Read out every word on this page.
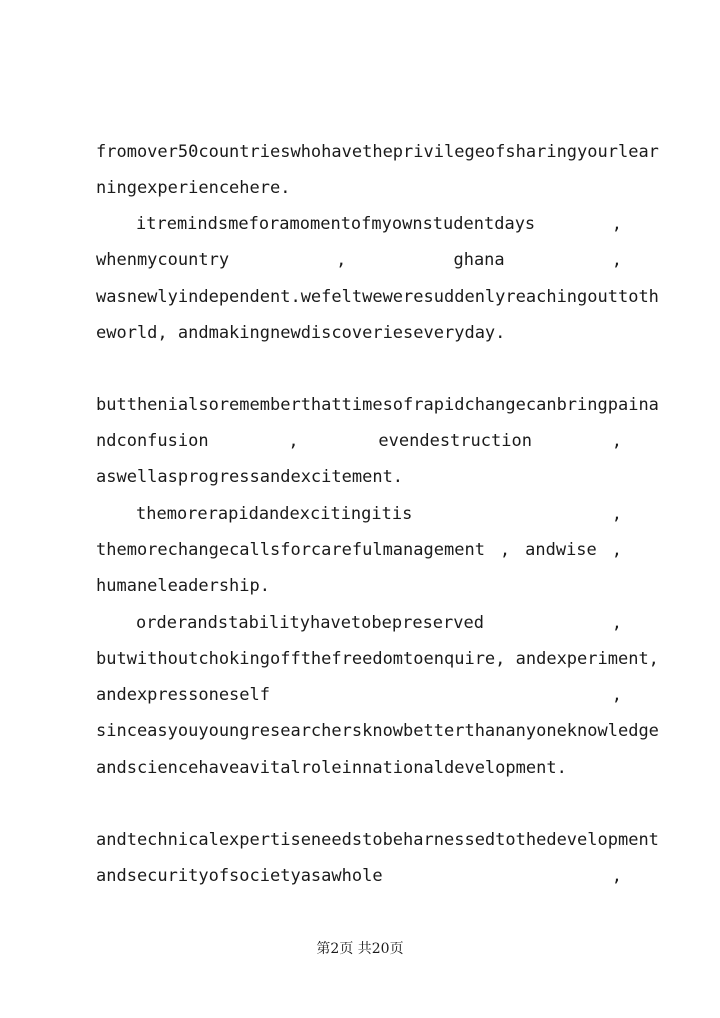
fromover50countrieswhohavetheprivilegeofsharingyourlear
ningexperiencehere.
itremindsmeforamomentofmyownstudentdays	,
whenmycountry	,	ghana	,
wasnewlyindependent.wefeltweweresuddenlyreachingouttoth
eworld, andmakingnewdiscoverieseveryday.
butthenialsorememberthattimesofrapidchangecanbringpaina
ndconfusion	,	evendestruction	,
aswellasprogressandexcitement.
themorerapidandexcitingitis	,
themorechangecallsforcarefulmanagement , andwise ,
humaneleadership.
orderandstabilityhavetobepreserved	,
butwithoutchokingoffthefreedomtoenquire, andexperiment,
andexpressoneself	,
sinceasyouyoungresearchersknowbetterthananyoneknowledge
andsciencehaveavitalroleinnationaldevelopment.
andtechnicalexpertiseneedstobeharnessedtothedevelopment
andsecurityofsocietyasawhole	,
第2页 共20页
